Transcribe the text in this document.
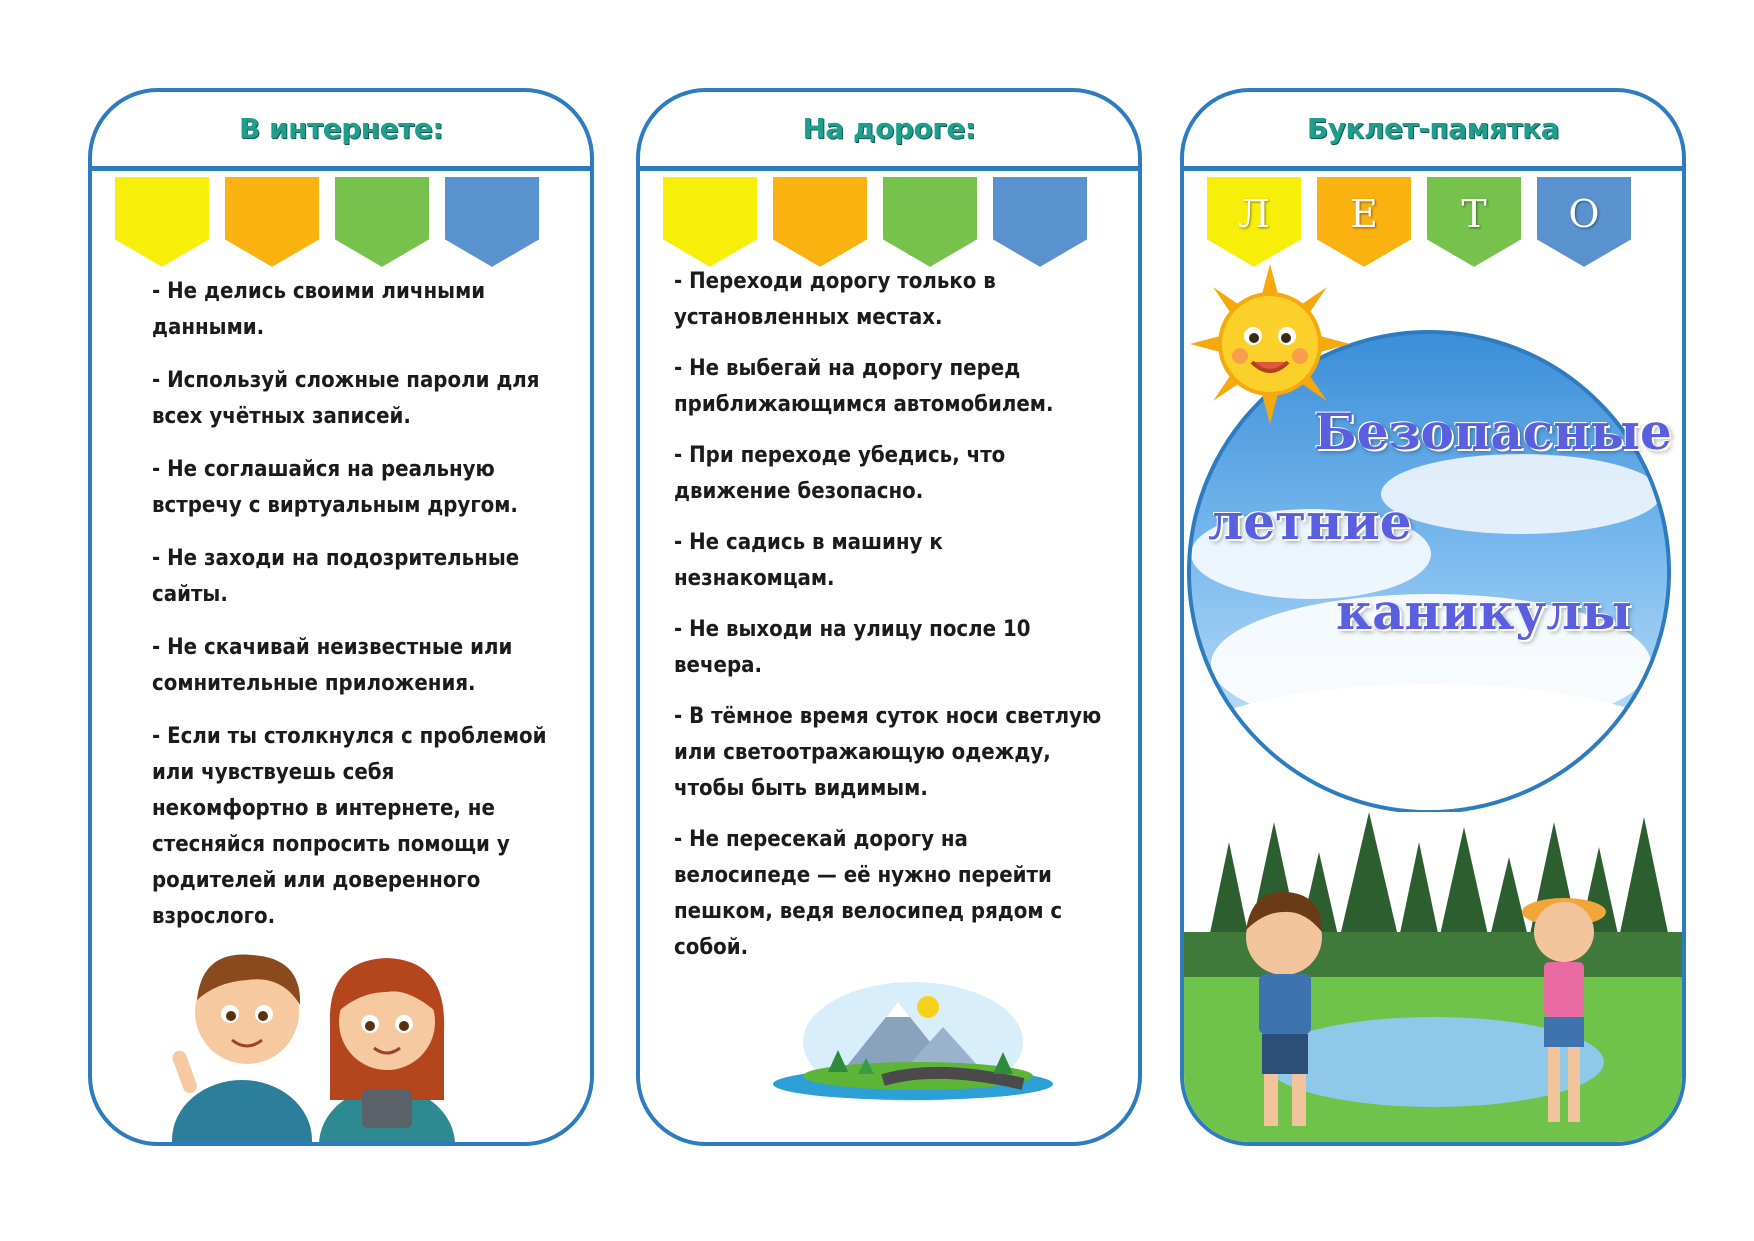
В интернете:
- Не делись своими личными данными.
- Используй сложные пароли для всех учётных записей.
- Не соглашайся на реальную встречу с виртуальным другом.
- Не заходи на подозрительные сайты.
- Не скачивай неизвестные или сомнительные приложения.
- Если ты столкнулся с проблемой или чувствуешь себя некомфортно в интернете, не стесняйся попросить помощи у родителей или доверенного взрослого.
На дороге:
- Переходи дорогу только в установленных местах.
- Не выбегай на дорогу перед приближающимся автомобилем.
- При переходе убедись, что движение безопасно.
- Не садись в машину к незнакомцам.
- Не выходи на улицу после 10 вечера.
- В тёмное время суток носи светлую или светоотражающую одежду, чтобы быть видимым.
- Не пересекай дорогу на велосипеде — её нужно перейти пешком, ведя велосипед рядом с собой.
Буклет-памятка
Л	Е	Т	О
Безопасные
летние
каникулы
